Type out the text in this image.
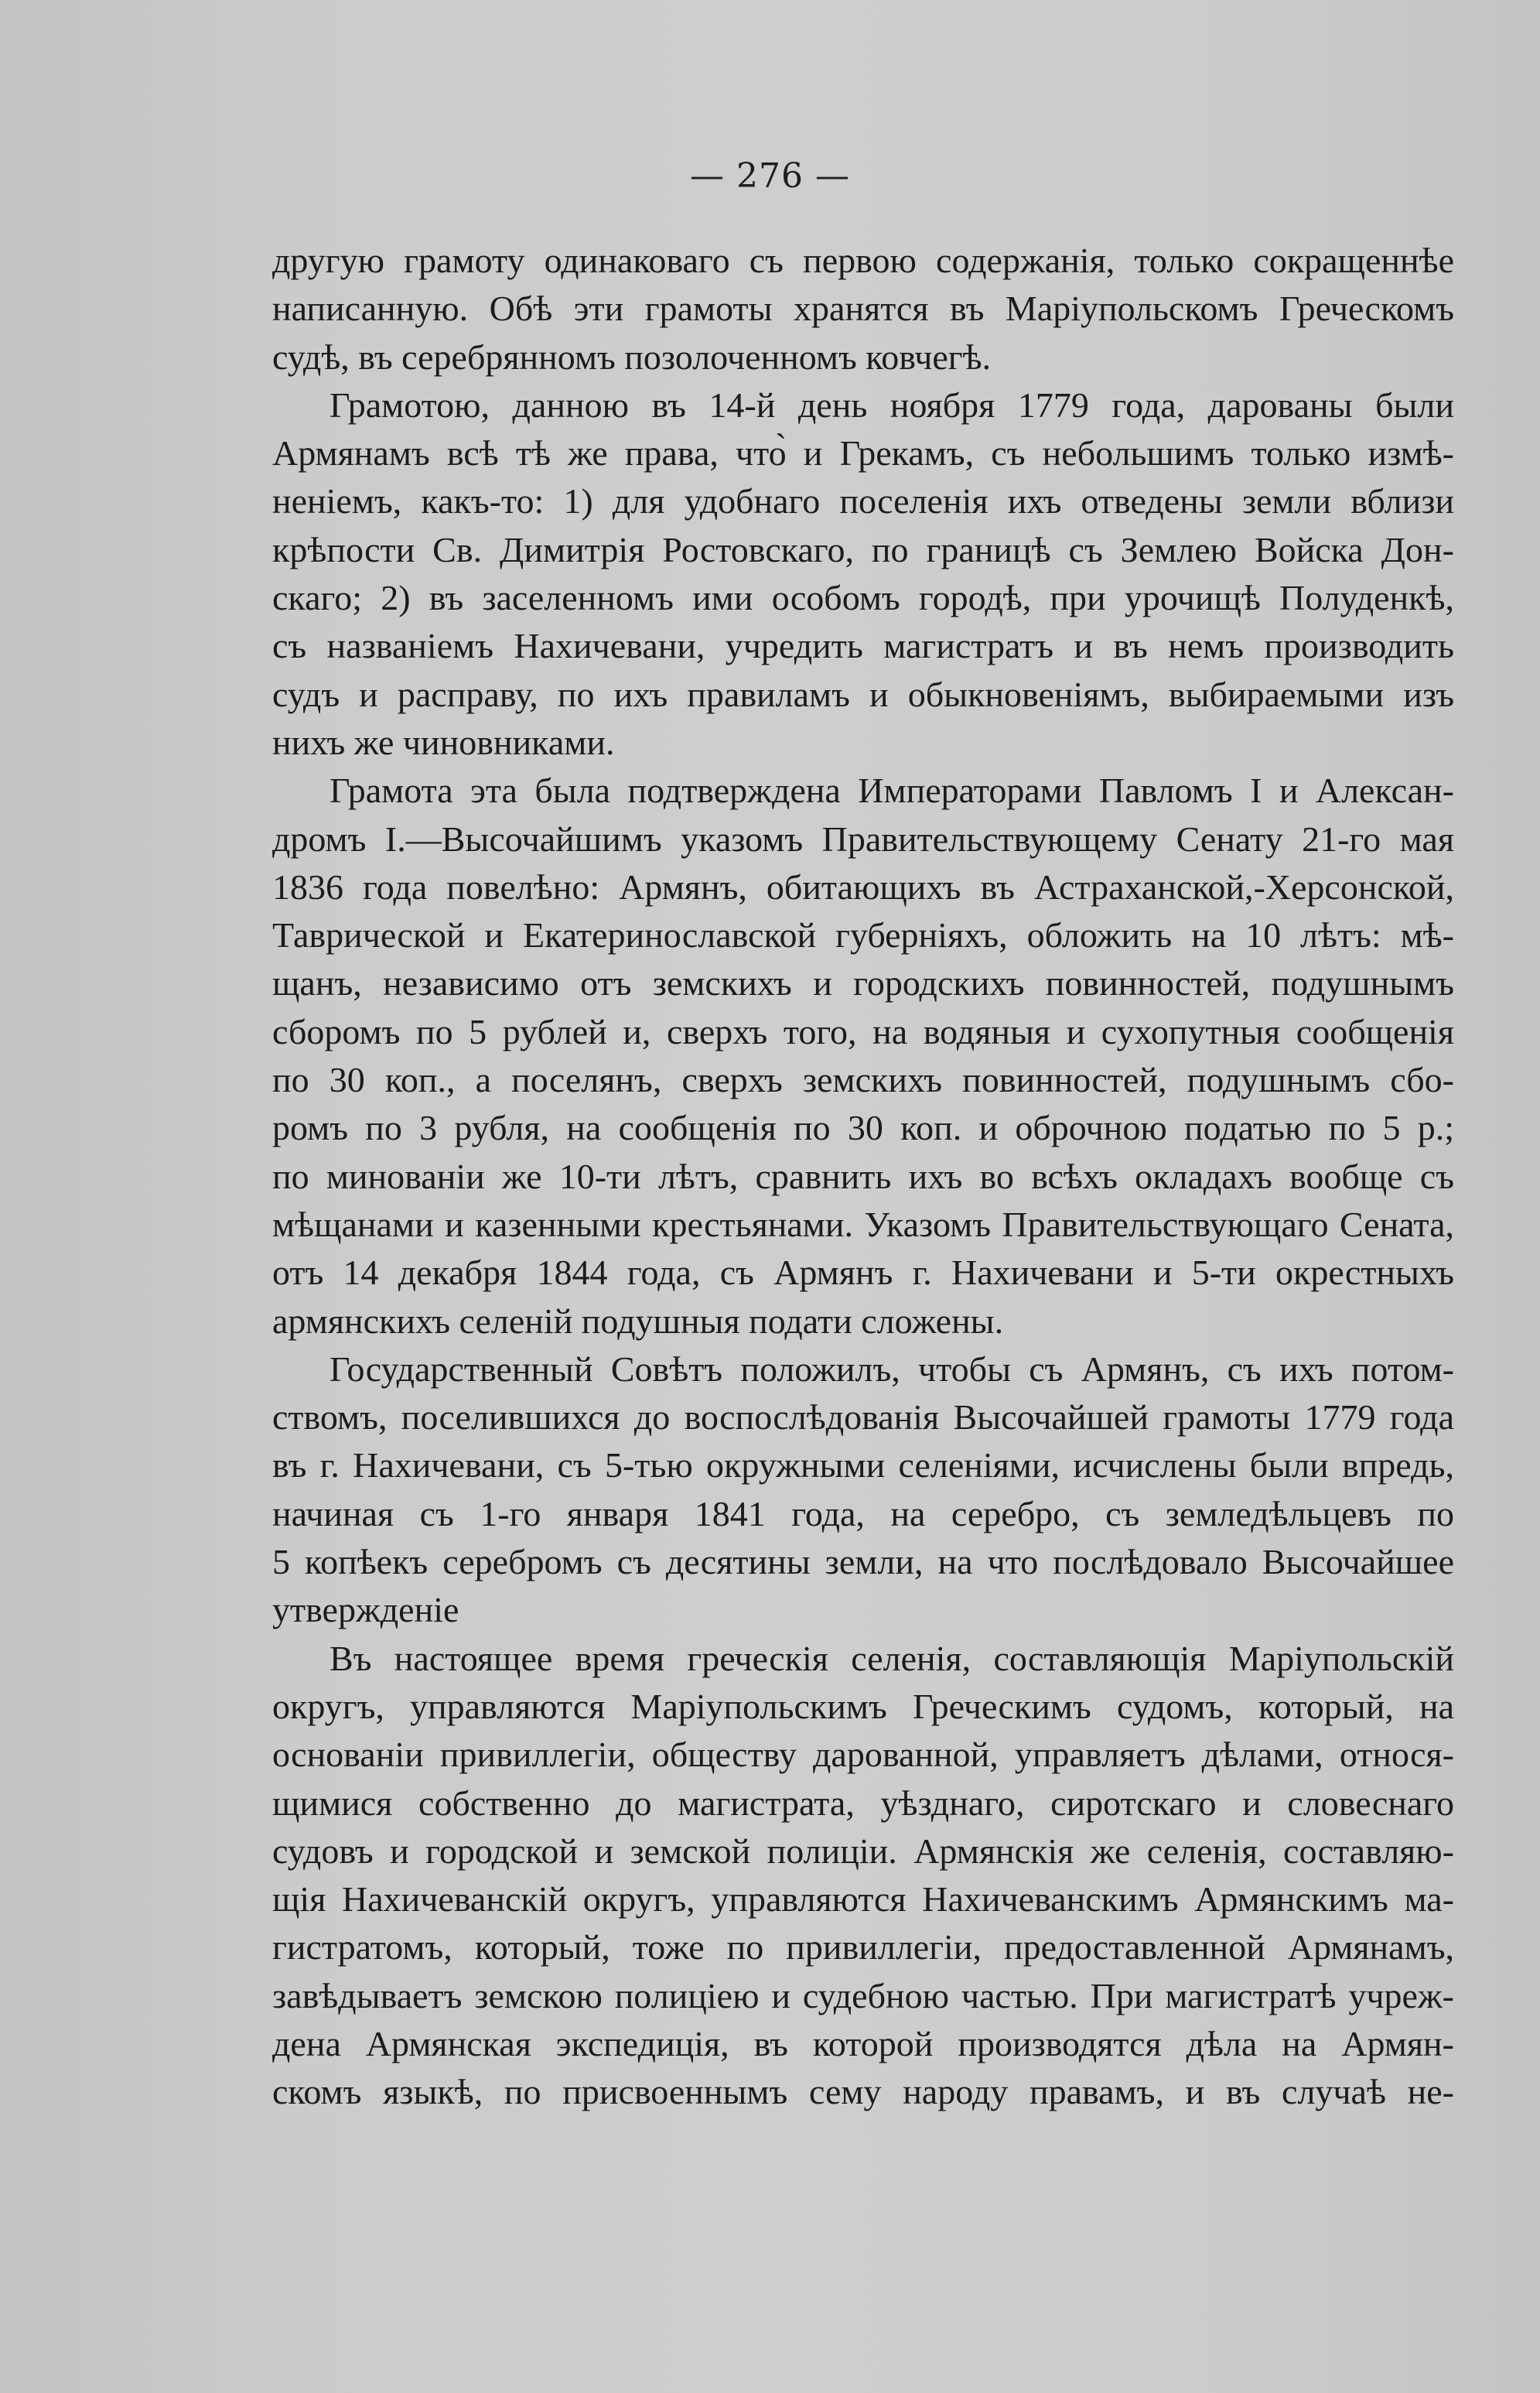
— 276 —
другую грамоту одинаковаго съ первою содержанія, только сокращеннѣе
написанную. Обѣ эти грамоты хранятся въ Маріупольскомъ Греческомъ
судѣ, въ серебрянномъ позолоченномъ ковчегѣ.
Грамотою, данною въ 14-й день ноября 1779 года, дарованы были
Армянамъ всѣ тѣ же права, что̀ и Грекамъ, съ небольшимъ только измѣ-
неніемъ, какъ-то: 1) для удобнаго поселенія ихъ отведены земли вблизи
крѣпости Св. Димитрія Ростовскаго, по границѣ съ Землею Войска Дон-
скаго; 2) въ заселенномъ ими особомъ городѣ, при урочищѣ Полуденкѣ,
съ названіемъ Нахичевани, учредить магистратъ и въ немъ производить
судъ и расправу, по ихъ правиламъ и обыкновеніямъ, выбираемыми изъ
нихъ же чиновниками.
Грамота эта была подтверждена Императорами Павломъ I и Алексан-
дромъ I.—Высочайшимъ указомъ Правительствующему Сенату 21-го мая
1836 года повелѣно: Армянъ, обитающихъ въ Астраханской,-Херсонской,
Таврической и Екатеринославской губерніяхъ, обложить на 10 лѣтъ: мѣ-
щанъ, независимо отъ земскихъ и городскихъ повинностей, подушнымъ
сборомъ по 5 рублей и, сверхъ того, на водяныя и сухопутныя сообщенія
по 30 коп., а поселянъ, сверхъ земскихъ повинностей, подушнымъ сбо-
ромъ по 3 рубля, на сообщенія по 30 коп. и оброчною податью по 5 р.;
по минованіи же 10-ти лѣтъ, сравнить ихъ во всѣхъ окладахъ вообще съ
мѣщанами и казенными крестьянами. Указомъ Правительствующаго Сената,
отъ 14 декабря 1844 года, съ Армянъ г. Нахичевани и 5-ти окрестныхъ
армянскихъ селеній подушныя подати сложены.
Государственный Совѣтъ положилъ, чтобы съ Армянъ, съ ихъ потом-
ствомъ, поселившихся до воспослѣдованія Высочайшей грамоты 1779 года
въ г. Нахичевани, съ 5-тью окружными селеніями, исчислены были впредь,
начиная съ 1-го января 1841 года, на серебро, съ земледѣльцевъ по
5 копѣекъ серебромъ съ десятины земли, на что послѣдовало Высочайшее
утвержденіе
Въ настоящее время греческія селенія, составляющія Маріупольскій
округъ, управляются Маріупольскимъ Греческимъ судомъ, который, на
основаніи привиллегіи, обществу дарованной, управляетъ дѣлами, относя-
щимися собственно до магистрата, уѣзднаго, сиротскаго и словеснаго
судовъ и городской и земской полиціи. Армянскія же селенія, составляю-
щія Нахичеванскій округъ, управляются Нахичеванскимъ Армянскимъ ма-
гистратомъ, который, тоже по привиллегіи, предоставленной Армянамъ,
завѣдываетъ земскою полиціею и судебною частью. При магистратѣ учреж-
дена Армянская экспедиція, въ которой производятся дѣла на Армян-
скомъ языкѣ, по присвоеннымъ сему народу правамъ, и въ случаѣ не-
